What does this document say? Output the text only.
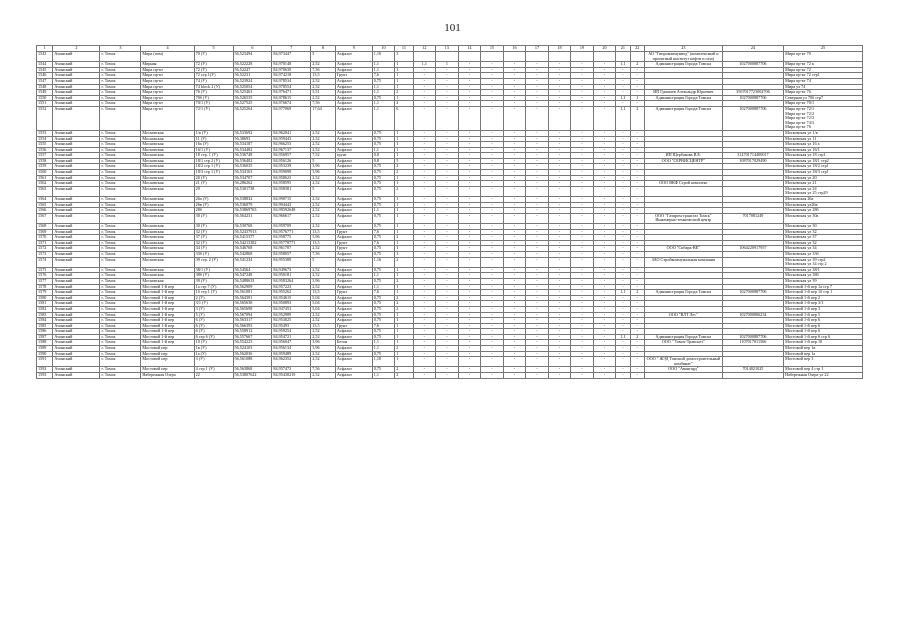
101
1	2	3	4	5	6	7	8	9	10	11	12	13	14	15	16	17	18	19	20	21	22	23	24	25
1543	Ачинский	г. Томск	Мира (пом)	70 (У)	56,523494	84,973447	5	Асфальт	1,10	3												АО "Гипрокоммунвод" (комплексный и проектный институт нефти и газа)		Мира пр-кт 70
1544	Ачинский	г. Томск	Мирная	72 (У)	56,522228	84,970148	2,52	Асфальт	1,1	1	1,1	1	-	-	-	-	-	-	-	1,1	2	Администрация Города Томска	1027000887706	Мира пр-кт 72 к
1545	Ачинский	г. Томск	Мира пр-кт	72 (У)	56,52247	84,970639	7,56	Асфальт	1,1	3	-	-	-	-	-	-	-	-	-	-	-			Мира пр-кт 72
1546	Ачинский	г. Томск	Мира пр-кт	72 стр 1(У)	56,52231	84,974218	13,5	Грунт	7,6	1	-	-	-	-	-	-	-	-	-	-	-			Мира пр-кт 72 стр1
1547	Ачинский	г. Томск	Мира пр-кт	74 (У)	56,523924	84,978534	2,52	Асфальт	0,75	1	-	-	-	-	-	-	-	-	-	-	-			Мира пр-кт 74
1548	Ачинский	г. Томск	Мира пр-кт	74 block 2 (У)	56,525054	84,978554	2,52	Асфальт	1,1	1	-	-	-	-	-	-	-	-	-	-	-			Мира ул 74
1549	Ачинский	г. Томск	Мира пр-кт	76 (У)	56,525463	84,976471	3,51	Асфальт	1,1	2	-	-	-	-	-	-	-	-	-	-	-	ИП Гришаев Александр Юрьевич	3567017723002706	Мира пр-кт 76
1550	Ачинский	г. Томск	Мира пр-кт	70б (У)	56,526535	84,978615	2,52	Асфальт	0,75	1	-	-	-	-	-	-	-	-	-	1,1	1	Администрация Города Томска	1027000887706	Северная ул 70б стр7
1551	Ачинский	г. Томск	Мира пр-кт	70/1 (У)	56,527525	84,976674	7,56	Асфальт	1,1	2	-	-	-	-	-	-	-	-	-	-	-			Мира пр-кт 70/1
1552	Ачинский	г. Томск	Мира пр-кт	72/1 (У)	56,525264	84,977069	17,64	Асфальт	1,1	6	-	-	-	-	-	-	-	-	-	1,1	2	Администрация Города Томска	1027000887706	Мира пр-кт 72/1
Мира пр-кт 72/2
Мира пр-кт 72/3
Мира пр-кт 74/3
Мира пр-кт 76
1553	Ачинский	г. Томск	Московская	1/в (У)	56,533692	84,962041	2,52	Асфальт	0,75	1	-	-	-	-	-	-	-	-	-	-	-			Московская ул 1/в
1554	Ачинский	г. Томск	Московская	11 (У)	56,38693	84,959443	2,52	Асфальт	0,75	1	-	-	-	-	-	-	-	-	-	-	-			Московская ул 11
1555	Ачинский	г. Томск	Московская	16а (У)	56,534187	84,966255	2,52	Асфальт	0,75	1	-	-	-	-	-	-	-	-	-	-	-			Московская ул 16 а
1556	Ачинский	г. Томск	Московская	16/1 (У)	56,534482	84,967137	2,52	Асфальт	1,1	1	-	-	-	-	-	-	-	-	-	-	-			Московская ул 16/1
1557	Ачинский	г. Томск	Московская	18 стр. 1 (У)	56,536748	84,956957	7,52	грунт	0,8	1	-	-	-	-	-	-	-	-	-	-	-	ИП Щербакова В.Е.	314701714400017	Московская ул 18 стр1
1558	Ачинский	г. Томск	Московская	18/1 стр 2 (У)	56,536402	84,956126	5	Асфальт	0,8	5	-	-	-	-	-	-	-	-	-	-	-	ООО "СЕРВИСЦЕНТР"	1087017029490	Московская ул 18/1 стр2
1559	Ачинский	г. Томск	Московская	18/2 стр 1 (У)	56,536035	84,953239	3,96	Асфальт	0,75	2	-	-	-	-	-	-	-	-	-	-	-			Московская ул 18/2 стр1
1560	Ачинский	г. Томск	Московская	18/3 стр 1 (У)	56,534163	84,959099	3,96	Асфальт	0,75	2	-	-	-	-	-	-	-	-	-	-	-			Московская ул 18/3 стр1
1561	Ачинский	г. Томск	Московская	20 (У)	56,534707	84,958623	2,52	Асфальт	0,75	1	-	-	-	-	-	-	-	-	-	-	-			Московская ул 20
1562	Ачинский	г. Томск	Московская	21 (У)	56,286262	84,958595	2,52	Асфальт	0,75	1	-	-	-	-	-	-	-	-	-	-	-	ООО ВКФ Строй комплекс		Московская ул 21
1563	Ачинский	г. Томск	Московская	29	56,5301738	84,958381	5	Асфальт	0,75	2	-	-	-	-	-	-	-	-	-	-	-			Московская ул 24
Московская ул 25 стр29
1564	Ачинский	г. Томск	Московская	26а (У)	56,538832	84,990715	2,52	Асфальт	0,75	1	-	-	-	-	-	-	-	-	-	-	-			Московская 26а
1565	Ачинский	г. Томск	Московская	26в (У)	56,536079	84,994443	2,52	Асфальт	0,75	1	-	-	-	-	-	-	-	-	-	-	-			Московская ул26в
1566	Ачинский	г. Томск	Московская	28б	56,53869763	84,99592648	2,52	Асфальт	1,1	1	-	-	-	-	-	-	-	-	-	-	-			Московская ул 28б
1567	Ачинский	г. Томск	Московская	30 (У)	56,564231	84,966617	2,52	Асфальт	0,75	1	-	-	-	-	-	-	-	-	-	-	-	ООО "Газпром трансгаз Томск" Инженерно-технический центр	7017081249	Московская ул 30а
1568	Ачинский	г. Томск	Московская	30 (У)	56,530768	84,959709	2,52	Асфальт	0,75	1	-	-	-	-	-	-	-	-	-	-	-			Московская ул 30
1569	Ачинский	г. Томск	Московская	32 (У)	56,52437913	84,9576771	13,5	Грунт	7,6	1	-	-	-	-	-	-	-	-	-	-	-			Московская ул 32
1570	Ачинский	г. Томск	Московская	37 (У)	56,5415377	84,958775	3,96	Асфальт	0,75	2	-	-	-	-	-	-	-	-	-	-	-			Московская ул 37
1571	Ачинский	г. Томск	Московская	32 (У)	56,54213382	84,95778771	13,5	Грунт	7,6	1	-	-	-	-	-	-	-	-	-	-	-			Московская ул 32
1572	Ачинский	г. Томск	Московская	34 (У)	56,546768	84,961707	2,52	Грунт	0,75	1	-	-	-	-	-	-	-	-	-	-	-	ООО "Сибарь-ВЕ"	1064220917957	Московская ул 34
1573	Ачинский	г. Томск	Московская	33б (У)	56,542868	84,958057	7,56	Асфальт	0,75	3	-	-	-	-	-	-	-	-	-	-	-			Московская ул 33б
1574	Ачинский	г. Томск	Московская	39 стр. 2 (У)	56,541234	84,955389	5	Асфальт	1,16	2	-	-	-	-	-	-	-	-	-	-	-	ЗАО Стройкоммунальная компания		Московская ул 39 стр2
Московская ул 34 стр 2
1575	Ачинский	г. Томск	Московская	38/1 (У)	56,54564	84,949673	2,52	Асфальт	0,75	1	-	-	-	-	-	-	-	-	-	-	-			Московская ул 38/1
1576	Ачинский	г. Томск	Московская	38б (У)	56,547248	84,950181	2,52	Асфальт	1,1	1	-	-	-	-	-	-	-	-	-	-	-			Московская ул 38б
1577	Ачинский	г. Томск	Московская	39 (У)	56,5488633	84,9583264	3,96	Асфальт	0,75	2	-	-	-	-	-	-	-	-	-	-	-			Московская ул 39
1578	Ачинский	г. Томск	Мостовой 1-й пер	1а стр 7 (У)	56,562909	84,957223	2,52	Асфальт	1,1	1	-	-	-	-	-	-	-	-	-	-	-			Мостовой 1-й пер 1а стр 7
1579	Ачинский	г. Томск	Мостовой 1-й пер	1б стр 1 (У)	56,561081	84,955262	13,5	Грунт	7,6	1	-	-	-	-	-	-	-	-	-	1,1	2	Администрация Города Томска	1027000887706	Мостовой 1-й пер 1б стр 1
1580	Ачинский	г. Томск	Мостовой 1-й пер	2 (У)	56,564391	84,954615	5,04	Асфальт	0,75	2	-	-	-	-	-	-	-	-	-	-	-			Мостовой 1-й пер 2
1581	Ачинский	г. Томск	Мостовой 1-й пер	3/1 (У)	56,565638	84,950893	5,04	Асфальт	0,75	2	-	-	-	-	-	-	-	-	-	-	-			Мостовой 1-й пер 3/1
1582	Ачинский	г. Томск	Мостовой 1-й пер	3 (У)	56,565698	84,947453	5,04	Асфальт	0,75	2	-	-	-	-	-	-	-	-	-	-	-			Мостовой 1-й пер 3
1583	Ачинский	г. Томск	Мостовой 1-й пер	5 (У)	56,567094	84,952989	2,52	Асфальт	0,75	1	-	-	-	-	-	-	-	-	-	-	-	ООО "ВЛТ Лес"	1027000806234	Мостовой 1-й пер 5
1584	Ачинский	г. Томск	Мостовой 1-й пер	6 (У)	56,563317	84,953025	2,52	Асфальт	0,75	1	-	-	-	-	-	-	-	-	-	-	-			Мостовой 1-й пер 6
1585	Ачинский	г. Томск	Мостовой 1-й пер	6 (У)	56,566393	84,95493	13,5	Грунт	7,6	1	-	-	-	-	-	-	-	-	-	-	-			Мостовой 1-й пер 6
1586	Ачинский	г. Томск	Мостовой 1-й пер	6 (У)	56,558912	84,959254	2,52	Асфальт	0,75	1	-	-	-	-	-	-	-	-	-	-	-			Мостовой 1-й пер 6
1587	Ачинский	г. Томск	Мостовой 1-й пер	6 стр 6 (У)	56,557667	84,954721	2,52	Асфальт	0,75	1	-	-	-	-	-	-	-	-	-	1,1	2	Администрация Города Томска	1027000887706	Мостовой 1-й пер 6 стр 6
1588	Ачинский	г. Томск	Мостовой 1-й пер	10 (У)	56,554223	84,956047	3,96	Бетон	1,1	1	-	-	-	-	-	-	-	-	-	-	-	ООО " Томск-Транснет"	1107017011566	Мостовой 1-й пер 10
1589	Ачинский	г. Томск	Мостовой пер	1в (У)	56,524103	84,956134	3,96	Асфальт	1,1	2	-	-	-	-	-	-	-	-	-	-	-			Мостовой пер 1в
1590	Ачинский	г. Томск	Мостовой пер	1а (У)	56,562036	84,959489	2,52	Асфальт	0,75	1	-	-	-	-	-	-	-	-	-	-	-			Мостовой пер 1а
1591	Ачинский	г. Томск	Мостовой пер	3 (У)	56,561088	84,962352	2,52	Асфальт	1,10	1	-	-	-	-	-	-	-	-	-	-	-	ООО " ЖЭД Томский домостроительный комбинат"		Мостовой пер 3
1592	Ачинский	г. Томск	Мостовой пер	4 стр 1 (У)	56,563868	84,957473	7,56	Асфальт	0,75	2	-	-	-	-	-	-	-	-	-	-	-	ООО "Авангард"	7014021025	Мостовой пер 4 стр 1
1593	Ачинский	г. Томск	Набережная Озера	22	56,53807622	84,95430219	2,52	Асфальт	1,1	2	-	-	-	-	-	-	-	-	-	-	-			Набережная Озера ул 22
